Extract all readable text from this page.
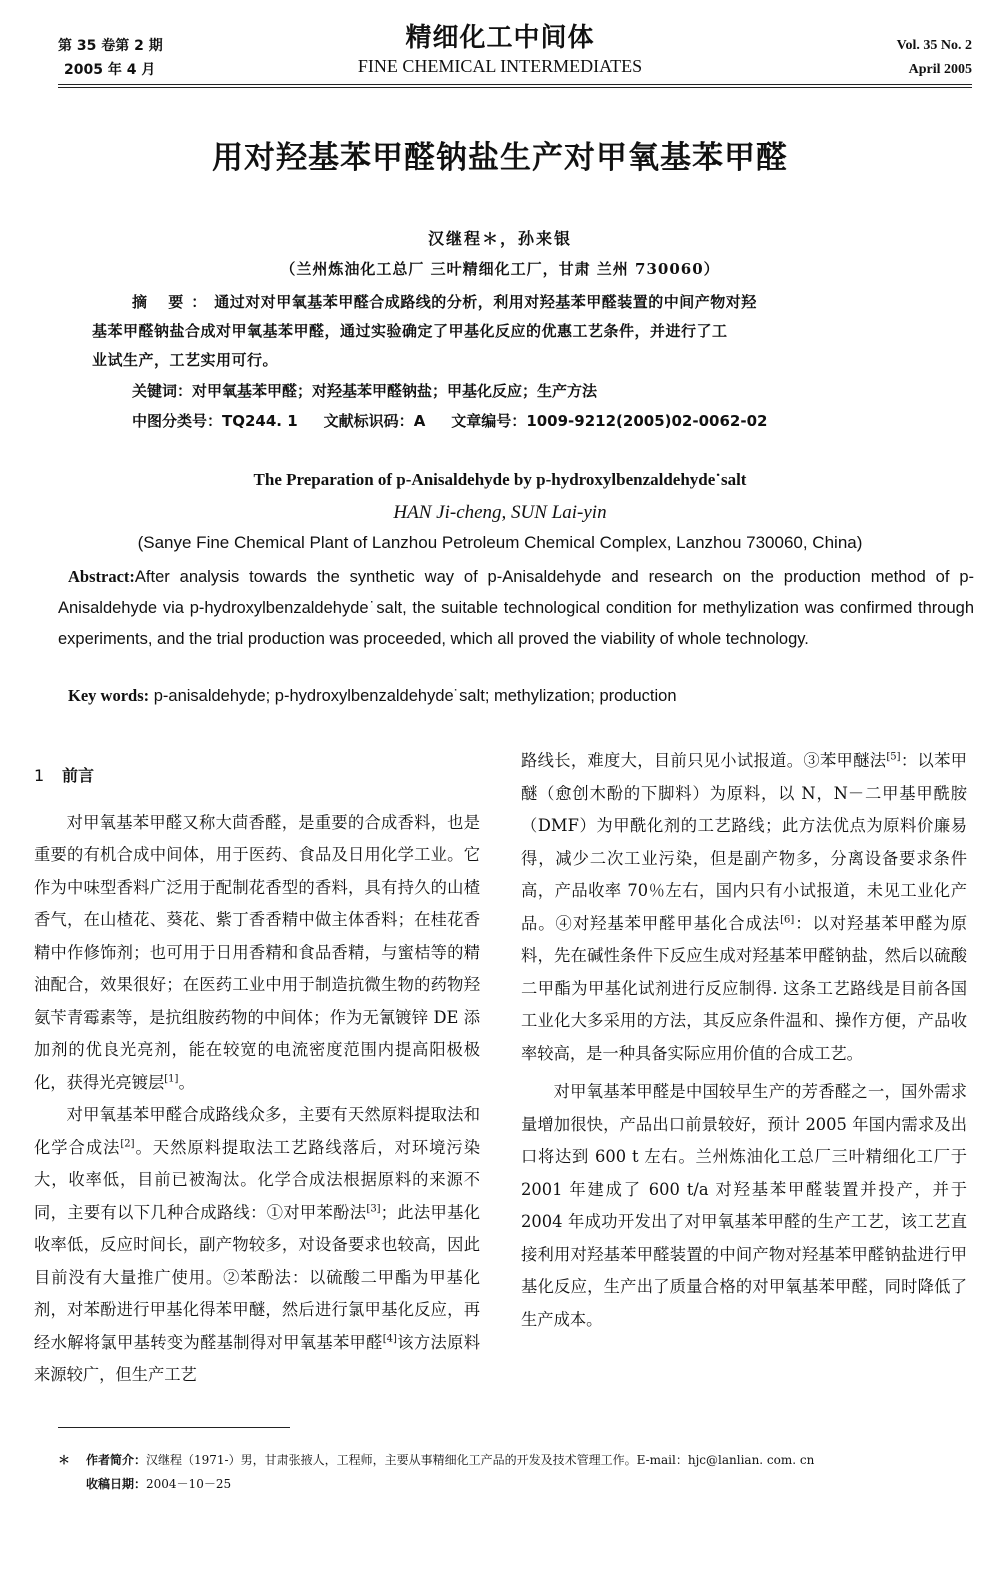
第 35 卷第 2 期
2005 年 4 月
精细化工中间体
FINE CHEMICAL INTERMEDIATES
Vol. 35 No. 2
April 2005
用对羟基苯甲醛钠盐生产对甲氧基苯甲醛
汉继程＊，孙来银
（兰州炼油化工总厂 三叶精细化工厂，甘肃 兰州 730060）
摘 要：通过对对甲氧基苯甲醛合成路线的分析，利用对羟基苯甲醛装置的中间产物对羟
基苯甲醛钠盐合成对甲氧基苯甲醛，通过实验确定了甲基化反应的优惠工艺条件，并进行了工
业试生产，工艺实用可行。
关键词：对甲氧基苯甲醛；对羟基苯甲醛钠盐；甲基化反应；生产方法
中图分类号：TQ244. 1 文献标识码：A 文章编号：1009-9212(2005)02-0062-02
The Preparation of p-Anisaldehyde by p-hydroxylbenzaldehyde˙salt
HAN Ji-cheng, SUN Lai-yin
(Sanye Fine Chemical Plant of Lanzhou Petroleum Chemical Complex, Lanzhou 730060, China)
Abstract:After analysis towards the synthetic way of p-Anisaldehyde and research on the production method of p-Anisaldehyde via p-hydroxylbenzaldehyde˙salt, the suitable technological condition for methylization was confirmed through experiments, and the trial production was proceeded, which all proved the viability of whole technology.
Key words: p-anisaldehyde; p-hydroxylbenzaldehyde˙salt; methylization; production
1 前言

对甲氧基苯甲醛又称大茴香醛，是重要的合成香料，也是重要的有机合成中间体，用于医药、食品及日用化学工业。它作为中味型香料广泛用于配制花香型的香料，具有持久的山楂香气，在山楂花、葵花、紫丁香香精中做主体香料；在桂花香精中作修饰剂；也可用于日用香精和食品香精，与蜜桔等的精油配合，效果很好；在医药工业中用于制造抗微生物的药物羟氨苄青霉素等，是抗组胺药物的中间体；作为无氰镀锌 DE 添加剂的优良光亮剂，能在较宽的电流密度范围内提高阳极极化，获得光亮镀层[1]。

对甲氧基苯甲醛合成路线众多，主要有天然原料提取法和化学合成法[2]。天然原料提取法工艺路线落后，对环境污染大，收率低，目前已被淘汰。化学合成法根据原料的来源不同，主要有以下几种合成路线：①对甲苯酚法[3]；此法甲基化收率低，反应时间长，副产物较多，对设备要求也较高，因此目前没有大量推广使用。②苯酚法：以硫酸二甲酯为甲基化剂，对苯酚进行甲基化得苯甲醚，然后进行氯甲基化反应，再经水解将氯甲基转变为醛基制得对甲氧基苯甲醛[4]该方法原料来源较广，但生产工艺

路线长，难度大，目前只见小试报道。③苯甲醚法[5]：以苯甲醚（愈创木酚的下脚料）为原料，以 N，N－二甲基甲酰胺（DMF）为甲酰化剂的工艺路线；此方法优点为原料价廉易得，减少二次工业污染，但是副产物多，分离设备要求条件高，产品收率 70％左右，国内只有小试报道，未见工业化产品。④对羟基苯甲醛甲基化合成法[6]：以对羟基苯甲醛为原料，先在碱性条件下反应生成对羟基苯甲醛钠盐，然后以硫酸二甲酯为甲基化试剂进行反应制得. 这条工艺路线是目前各国工业化大多采用的方法，其反应条件温和、操作方便，产品收率较高，是一种具备实际应用价值的合成工艺。

对甲氧基苯甲醛是中国较早生产的芳香醛之一，国外需求量增加很快，产品出口前景较好，预计 2005 年国内需求及出口将达到 600 t 左右。兰州炼油化工总厂三叶精细化工厂于 2001 年建成了 600 t/a 对羟基苯甲醛装置并投产，并于 2004 年成功开发出了对甲氧基苯甲醛的生产工艺，该工艺直接利用对羟基苯甲醛装置的中间产物对羟基苯甲醛钠盐进行甲基化反应，生产出了质量合格的对甲氧基苯甲醛，同时降低了生产成本。

＊ 作者简介：汉继程（1971-）男，甘肃张掖人，工程师，主要从事精细化工产品的开发及技术管理工作。E-mail：hjc@lanlian. com. cn
收稿日期：2004－10－25
